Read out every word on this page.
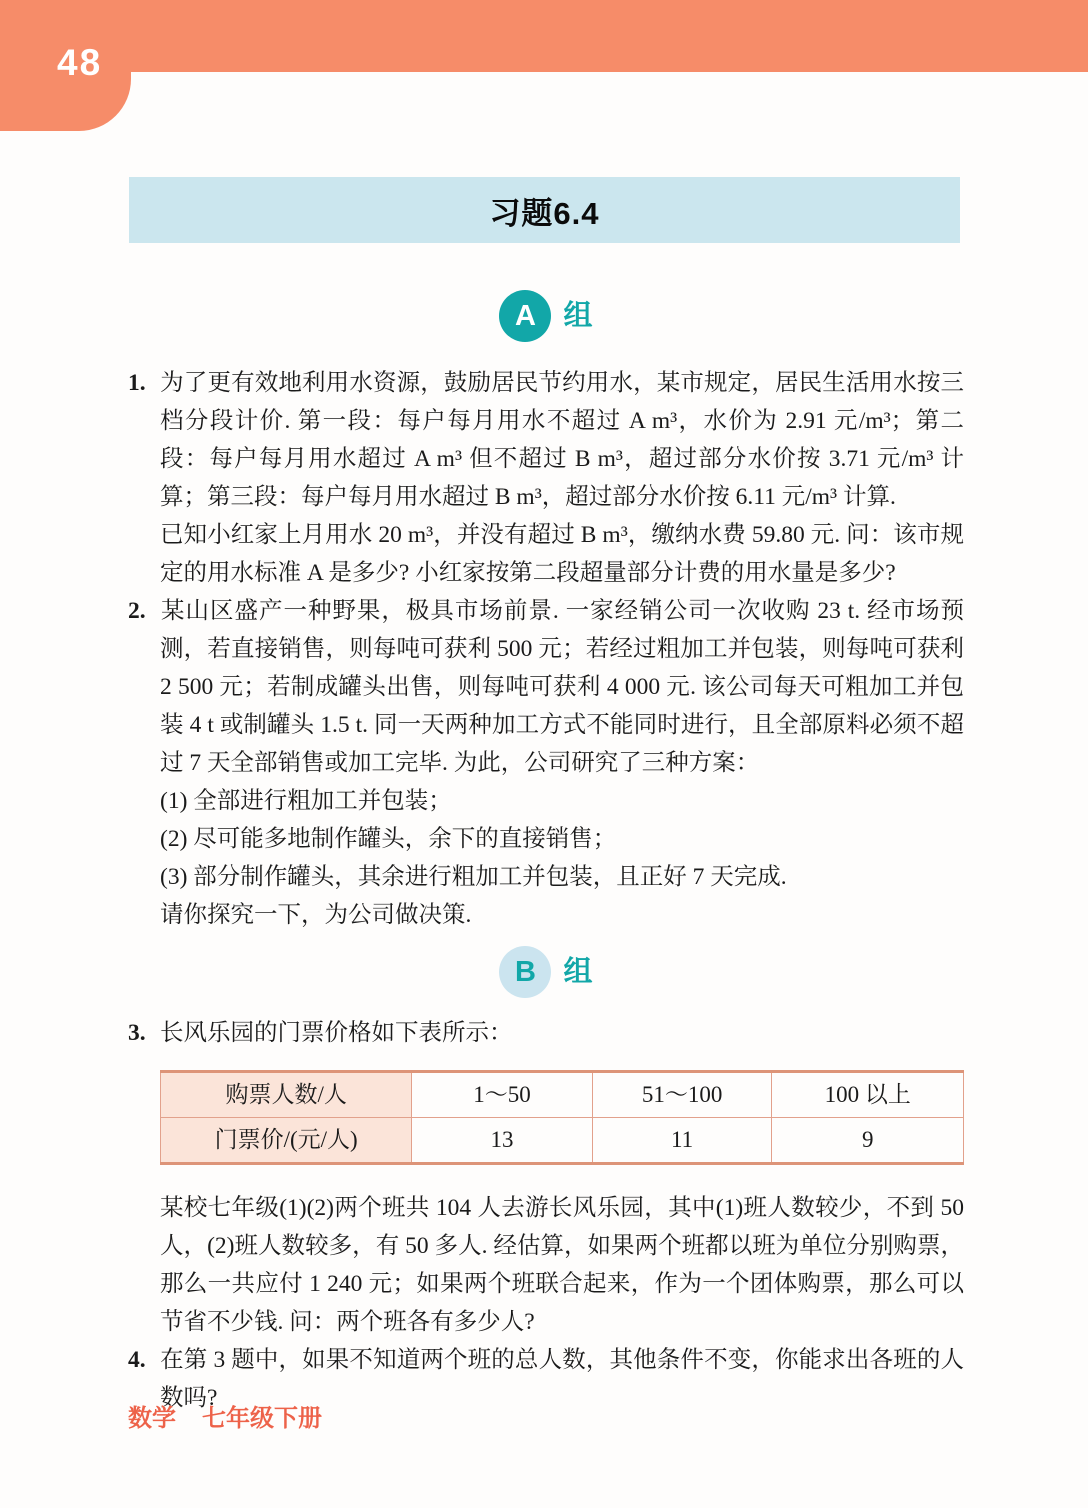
48
习题6.4
A 组

1. 为了更有效地利用水资源，鼓励居民节约用水，某市规定，居民生活用水按三档分段计价. 第一段：每户每月用水不超过 A m³，水价为 2.91 元/m³；第二段：每户每月用水超过 A m³ 但不超过 B m³，超过部分水价按 3.71 元/m³ 计算；第三段：每户每月用水超过 B m³，超过部分水价按 6.11 元/m³ 计算.

已知小红家上月用水 20 m³，并没有超过 B m³，缴纳水费 59.80 元. 问：该市规定的用水标准 A 是多少? 小红家按第二段超量部分计费的用水量是多少?

2. 某山区盛产一种野果，极具市场前景. 一家经销公司一次收购 23 t. 经市场预测，若直接销售，则每吨可获利 500 元；若经过粗加工并包装，则每吨可获利 2 500 元；若制成罐头出售，则每吨可获利 4 000 元. 该公司每天可粗加工并包装 4 t 或制罐头 1.5 t. 同一天两种加工方式不能同时进行，且全部原料必须不超过 7 天全部销售或加工完毕. 为此，公司研究了三种方案：

(1) 全部进行粗加工并包装；

(2) 尽可能多地制作罐头，余下的直接销售；

(3) 部分制作罐头，其余进行粗加工并包装，且正好 7 天完成.

请你探究一下，为公司做决策.

B 组

3. 长风乐园的门票价格如下表所示：

购票人数/人	1～50	51～100	100 以上
门票价/(元/人)	13	11	9

某校七年级(1)(2)两个班共 104 人去游长风乐园，其中(1)班人数较少，不到 50 人，(2)班人数较多，有 50 多人. 经估算，如果两个班都以班为单位分别购票，那么一共应付 1 240 元；如果两个班联合起来，作为一个团体购票，那么可以节省不少钱. 问：两个班各有多少人?

4. 在第 3 题中，如果不知道两个班的总人数，其他条件不变，你能求出各班的人数吗?

数学 七年级下册
